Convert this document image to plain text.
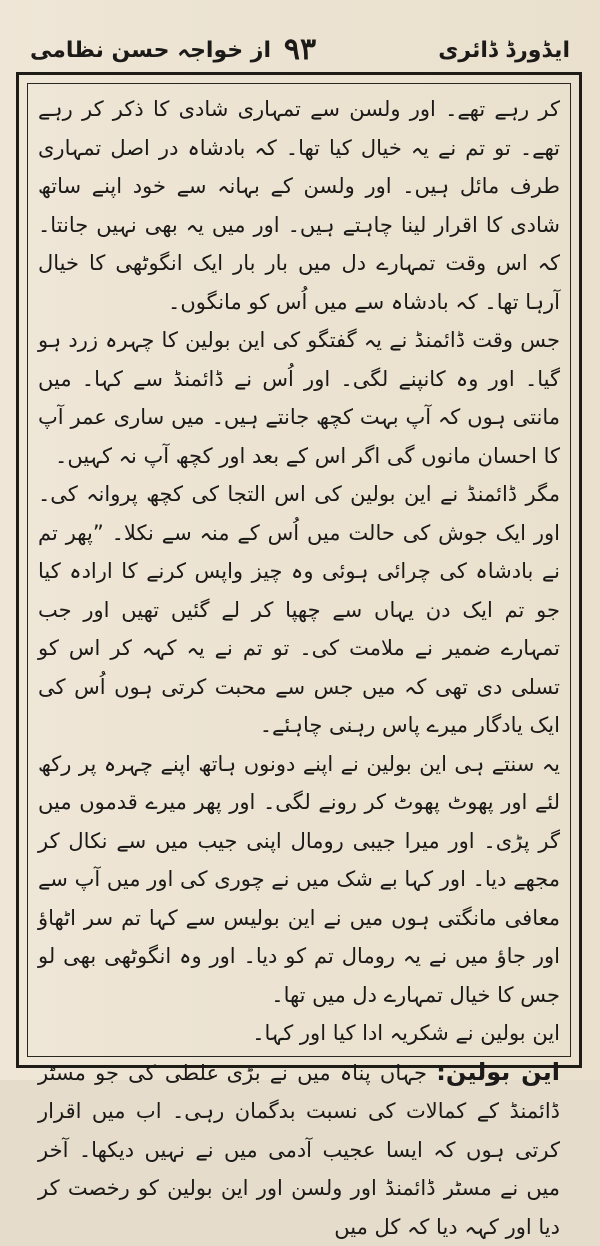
ایڈورڈ ڈائری
۹۳
از خواجہ حسن نظامی

کر رہے تھے۔ اور ولسن سے تمہاری شادی کا ذکر کر رہے تھے۔ تو تم نے یہ خیال کیا تھا۔ کہ بادشاہ در اصل تمہاری طرف مائل ہیں۔ اور ولسن کے بہانہ سے خود اپنے ساتھ شادی کا اقرار لینا چاہتے ہیں۔ اور میں یہ بھی نہیں جانتا۔ کہ اس وقت تمہارے دل میں بار بار ایک انگوٹھی کا خیال آرہا تھا۔ کہ بادشاہ سے میں اُس کو مانگوں۔

جس وقت ڈائمنڈ نے یہ گفتگو کی این بولین کا چہرہ زرد ہو گیا۔ اور وہ کانپنے لگی۔ اور اُس نے ڈائمنڈ سے کہا۔ میں مانتی ہوں کہ آپ بہت کچھ جانتے ہیں۔ میں ساری عمر آپ کا احسان مانوں گی اگر اس کے بعد اور کچھ آپ نہ کہیں۔

مگر ڈائمنڈ نے این بولین کی اس التجا کی کچھ پروانہ کی۔ اور ایک جوش کی حالت میں اُس کے منہ سے نکلا۔ ”پھر تم نے بادشاہ کی چرائی ہوئی وہ چیز واپس کرنے کا ارادہ کیا جو تم ایک دن یہاں سے چھپا کر لے گئیں تھیں اور جب تمہارے ضمیر نے ملامت کی۔ تو تم نے یہ کہہ کر اس کو تسلی دی تھی کہ میں جس سے محبت کرتی ہوں اُس کی ایک یادگار میرے پاس رہنی چاہئے۔

یہ سنتے ہی این بولین نے اپنے دونوں ہاتھ اپنے چہرہ پر رکھ لئے اور پھوٹ پھوٹ کر رونے لگی۔ اور پھر میرے قدموں میں گر پڑی۔ اور میرا جیبی رومال اپنی جیب میں سے نکال کر مجھے دیا۔ اور کہا بے شک میں نے چوری کی اور میں آپ سے معافی مانگتی ہوں میں نے این بولیس سے کہا تم سر اٹھاؤ اور جاؤ میں نے یہ رومال تم کو دیا۔ اور وہ انگوٹھی بھی لو جس کا خیال تمہارے دل میں تھا۔

این بولین نے شکریہ ادا کیا اور کہا۔

این بولین: جہاں پناہ میں نے بڑی غلطی کی جو مسٹر ڈائمنڈ کے کمالات کی نسبت بدگمان رہی۔ اب میں اقرار کرتی ہوں کہ ایسا عجیب آدمی میں نے نہیں دیکھا۔ آخر میں نے مسٹر ڈائمنڈ اور ولسن اور این بولین کو رخصت کر دیا اور کہہ دیا کہ کل میں
